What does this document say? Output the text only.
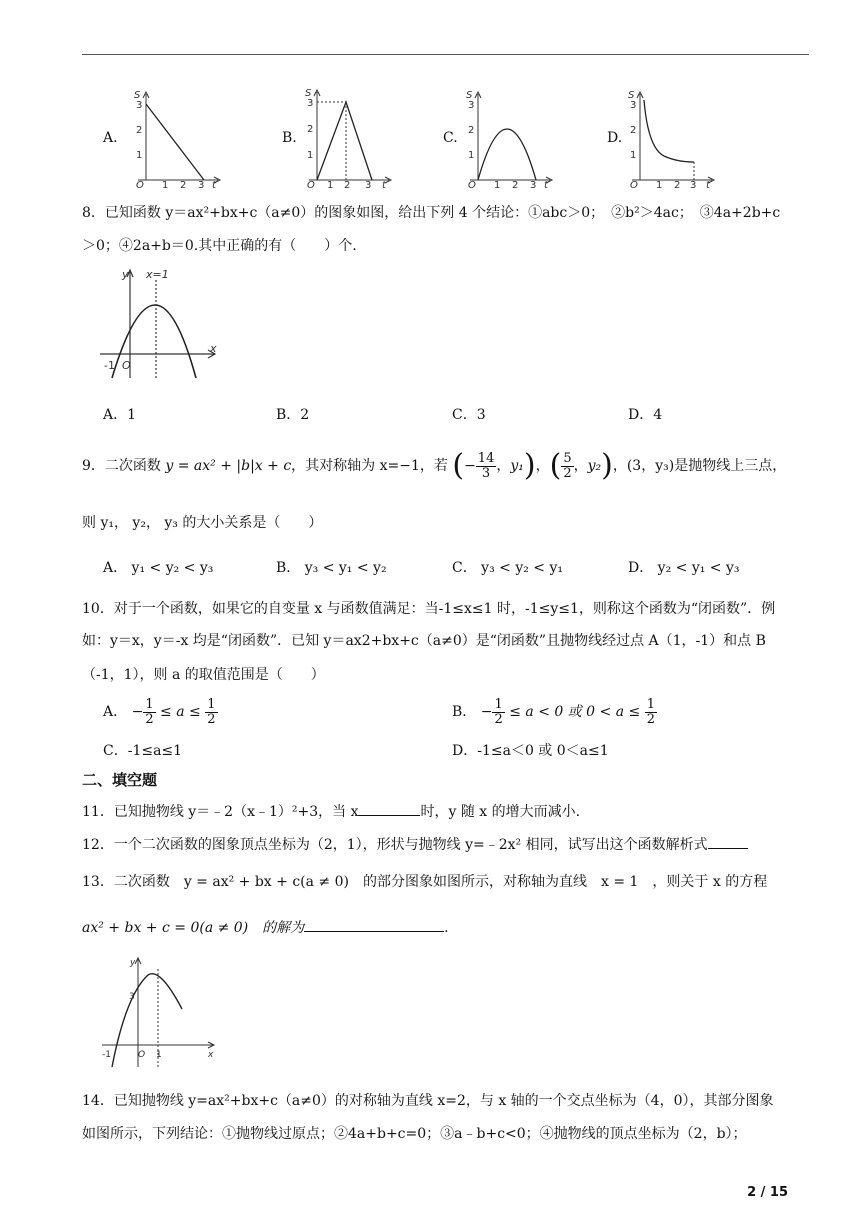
A.
S
3
2
1
O 1 2 3 t
B.
S
3
2
1
O 1 2 3 t
C.
S
3
2
1
O 1 2 3 t
D.
S
3
2
1
O 1 2 3 t
8．已知函数 y＝ax²+bx+c（a≠0）的图象如图，给出下列 4 个结论：①abc＞0；　②b²＞4ac；　③4a+2b+c
＞0；④2a+b＝0.其中正确的有（　　）个.
y x=1
x
-1 O
A．1	B．2	C．3	D．4
9．二次函数 y = ax² + |b|x + c，其对称轴为 x=−1，若 (− $\frac{14}{3}$ ，y₁)，( $\frac{5}{2}$ ，y₂)，(3，y₃)是抛物线上三点，
则 y₁， y₂， y₃ 的大小关系是（　　）
A． y₁ < y₂ < y₃	B． y₃ < y₁ < y₂	C． y₃ < y₂ < y₁	D． y₂ < y₁ < y₃
10．对于一个函数，如果它的自变量 x 与函数值满足：当-1≤x≤1 时，-1≤y≤1，则称这个函数为“闭函数”．例
如：y＝x，y＝-x 均是“闭函数”．已知 y＝ax2+bx+c（a≠0）是“闭函数”且抛物线经过点 A（1，-1）和点 B
（-1，1），则 a 的取值范围是（　　）
A． − $\frac{1}{2} \le a \le \frac{1}{2}$	B． − $\frac{1}{2} \le a < 0$ 或 $0 < a \le \frac{1}{2}$
C．-1≤a≤1	D．-1≤a＜0 或 0＜a≤1
二、填空题
11．已知抛物线 y＝﹣2（x﹣1）²+3，当 x	时，y 随 x 的增大而减小.
12．一个二次函数的图象顶点坐标为（2，1），形状与抛物线 y=﹣2x² 相同，试写出这个函数解析式
13．二次函数　y = ax² + bx + c(a ≠ 0)　的部分图象如图所示，对称轴为直线　x = 1　，则关于 x 的方程
ax² + bx + c = 0(a ≠ 0)　的解为	.
y
3
x
-1	O 1
14．已知抛物线 y=ax²+bx+c（a≠0）的对称轴为直线 x=2，与 x 轴的一个交点坐标为（4，0），其部分图象
如图所示，下列结论：①抛物线过原点；②4a+b+c=0；③a﹣b+c<0；④抛物线的顶点坐标为（2，b）；
2 / 15
